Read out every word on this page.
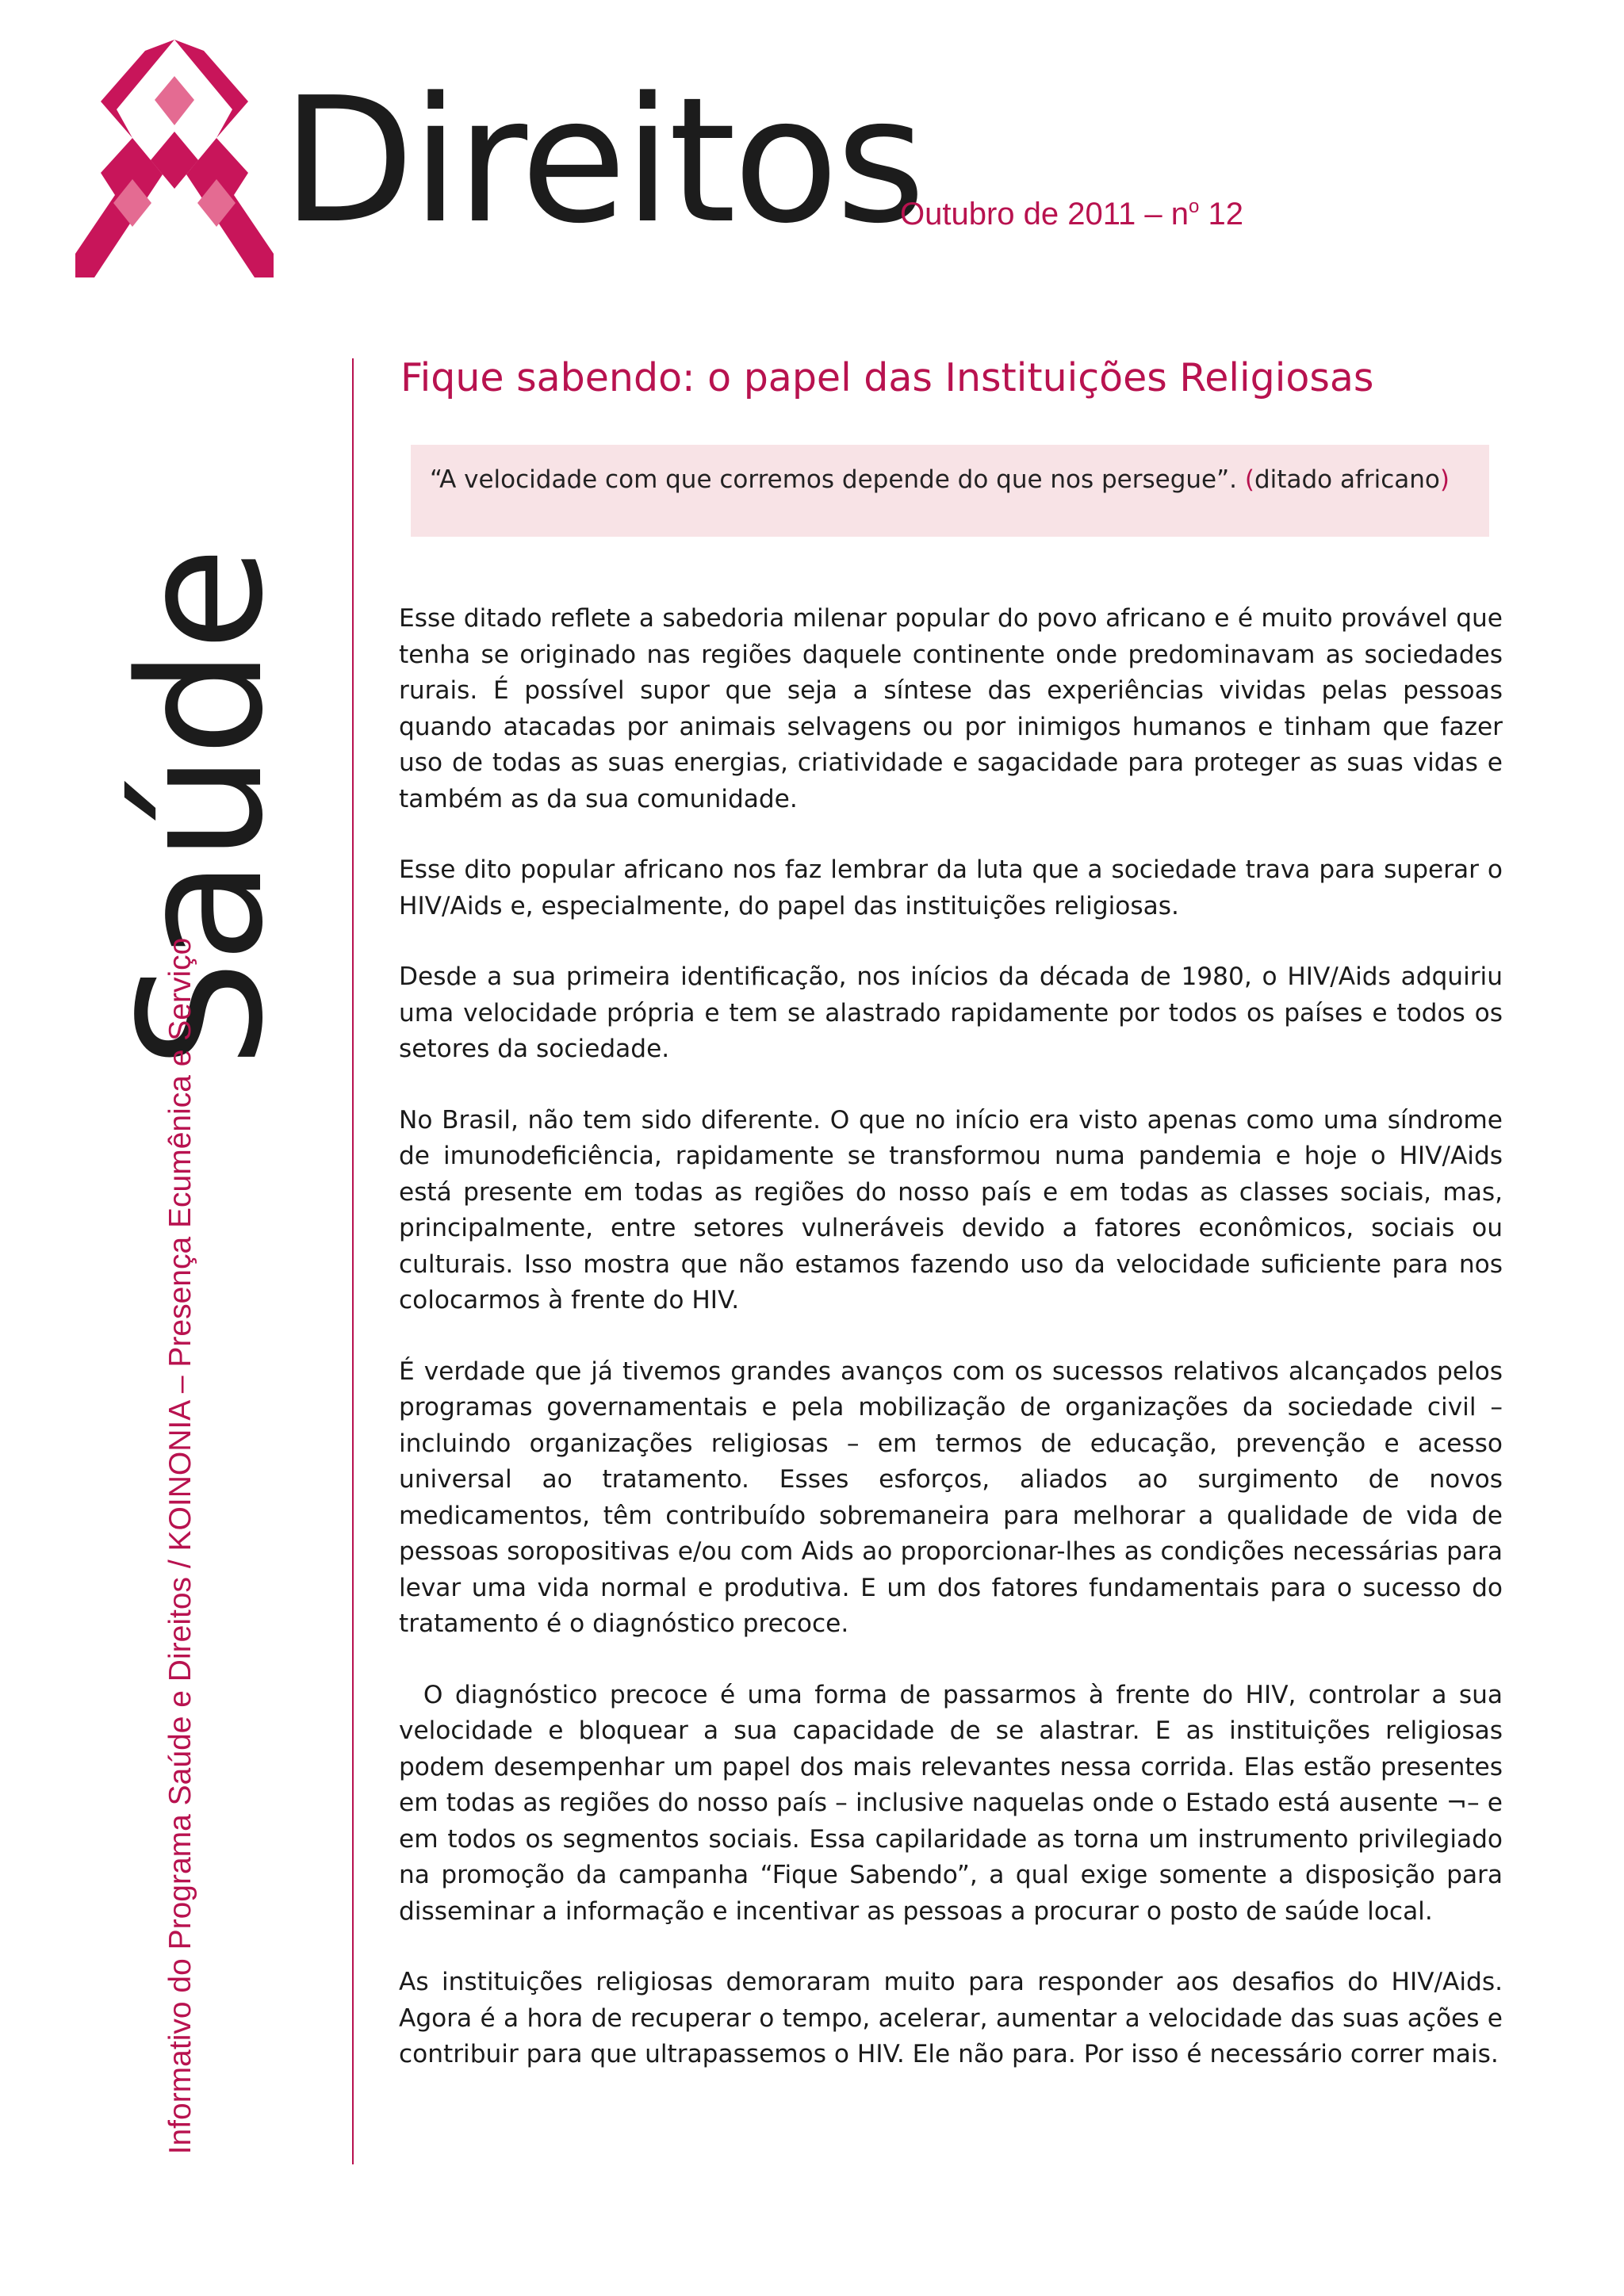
Direitos
Outubro de $2011 - n^o$ 12
Saúde
Informativo do Programa Saúde e Direitos / KOINONIA – Presença Ecumênica e Serviço
Fique sabendo: o papel das Instituições Religiosas
“A velocidade com que corremos depende do que nos persegue”. (ditado africano)

Esse ditado reflete a sabedoria milenar popular do povo africano e é muito provável que tenha se originado nas regiões daquele continente onde predominavam as sociedades rurais. É possível supor que seja a síntese das experiências vividas pelas pessoas quando atacadas por animais selvagens ou por inimigos humanos e tinham que fazer uso de todas as suas energias, criatividade e sagacidade para proteger as suas vidas e também as da sua comunidade.

Esse dito popular africano nos faz lembrar da luta que a sociedade trava para superar o HIV/Aids e, especialmente, do papel das instituições religiosas.

Desde a sua primeira identificação, nos inícios da década de 1980, o HIV/Aids adquiriu uma velocidade própria e tem se alastrado rapidamente por todos os países e todos os setores da sociedade.

No Brasil, não tem sido diferente. O que no início era visto apenas como uma síndrome de imunodeficiência, rapidamente se transformou numa pandemia e hoje o HIV/Aids está presente em todas as regiões do nosso país e em todas as classes sociais, mas, principalmente, entre setores vulneráveis devido a fatores econômicos, sociais ou culturais. Isso mostra que não estamos fazendo uso da velocidade suficiente para nos colocarmos à frente do HIV.

É verdade que já tivemos grandes avanços com os sucessos relativos alcançados pelos programas governamentais e pela mobilização de organizações da sociedade civil – incluindo organizações religiosas – em termos de educação, prevenção e acesso universal ao tratamento. Esses esforços, aliados ao surgimento de novos medicamentos, têm contribuído sobremaneira para melhorar a qualidade de vida de pessoas soropositivas e/ou com Aids ao proporcionar-lhes as condições necessárias para levar uma vida normal e produtiva. E um dos fatores fundamentais para o sucesso do tratamento é o diagnóstico precoce.

O diagnóstico precoce é uma forma de passarmos à frente do HIV, controlar a sua velocidade e bloquear a sua capacidade de se alastrar. E as instituições religiosas podem desempenhar um papel dos mais relevantes nessa corrida. Elas estão presentes em todas as regiões do nosso país – inclusive naquelas onde o Estado está ausente ¬– e em todos os segmentos sociais. Essa capilaridade as torna um instrumento privilegiado na promoção da campanha “Fique Sabendo”, a qual exige somente a disposição para disseminar a informação e incentivar as pessoas a procurar o posto de saúde local.

As instituições religiosas demoraram muito para responder aos desafios do HIV/Aids. Agora é a hora de recuperar o tempo, acelerar, aumentar a velocidade das suas ações e contribuir para que ultrapassemos o HIV. Ele não para. Por isso é necessário correr mais.
